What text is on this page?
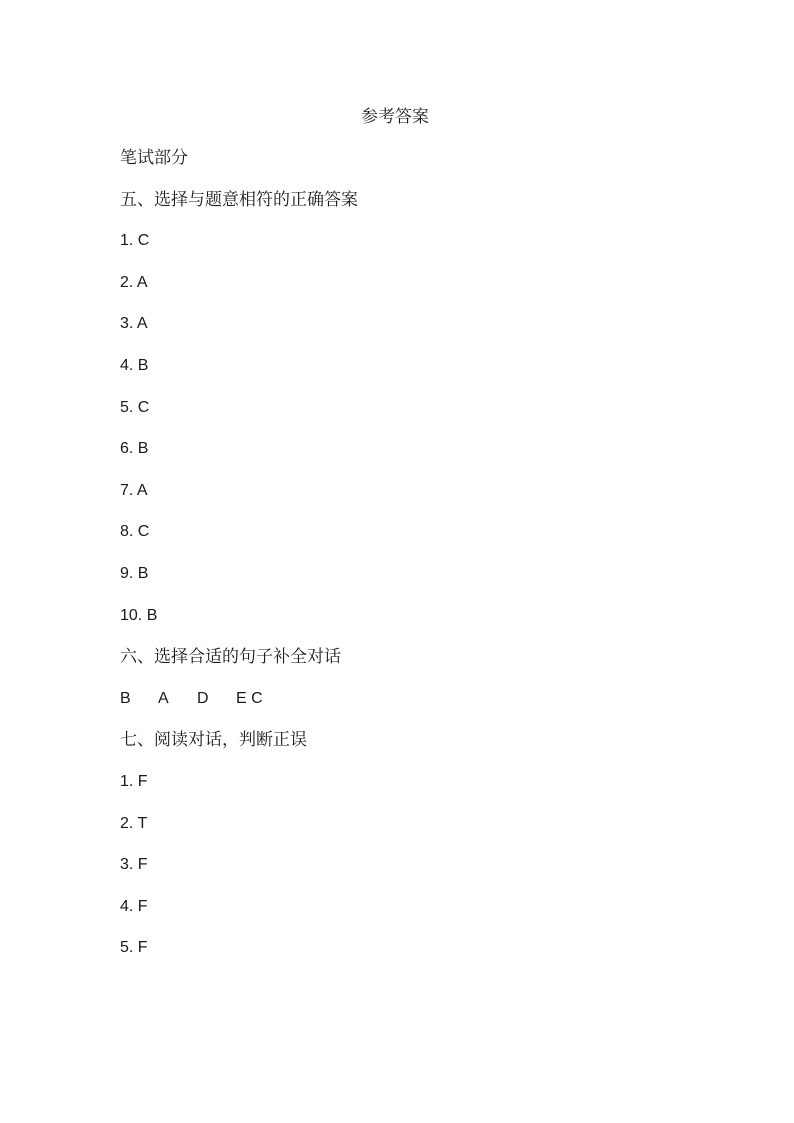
参考答案
笔试部分
五、选择与题意相符的正确答案
1. C
2. A
3. A
4. B
5. C
6. B
7. A
8. C
9. B
10. B
六、选择合适的句子补全对话
B	A	D	E C
七、阅读对话，判断正误
1. F
2. T
3. F
4. F
5. F
